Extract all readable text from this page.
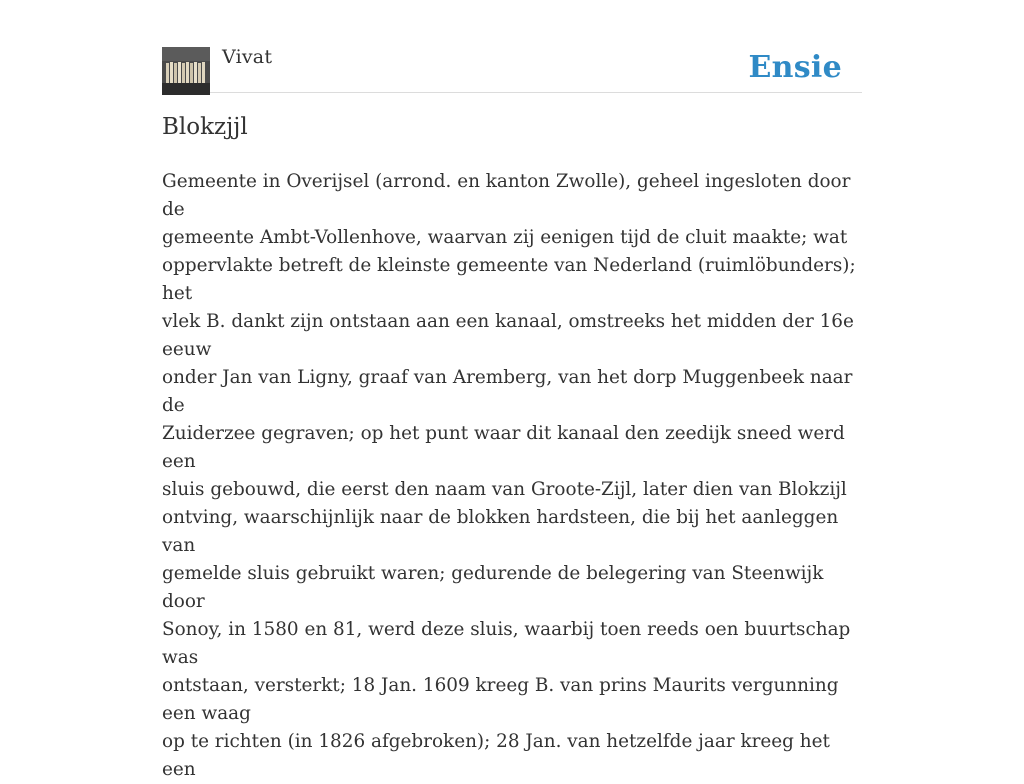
Vivat	Ensie
Blokzjjl

Gemeente in Overijsel (arrond. en kanton Zwolle), geheel ingesloten door de
gemeente Ambt-Vollenhove, waarvan zij eenigen tijd de cluit maakte; wat
oppervlakte betreft de kleinste gemeente van Nederland (ruimlöbunders); het
vlek B. dankt zijn ontstaan aan een kanaal, omstreeks het midden der 16e eeuw
onder Jan van Ligny, graaf van Aremberg, van het dorp Muggenbeek naar de
Zuiderzee gegraven; op het punt waar dit kanaal den zeedijk sneed werd een
sluis gebouwd, die eerst den naam van Groote-Zijl, later dien van Blokzijl
ontving, waarschijnlijk naar de blokken hardsteen, die bij het aanleggen van
gemelde sluis gebruikt waren; gedurende de belegering van Steenwijk door
Sonoy, in 1580 en 81, werd deze sluis, waarbij toen reeds oen buurtschap was
ontstaan, versterkt; 18 Jan. 1609 kreeg B. van prins Maurits vergunning een waag
op te richten (in 1826 afgebroken); 28 Jan. van hetzelfde jaar kreeg het een
